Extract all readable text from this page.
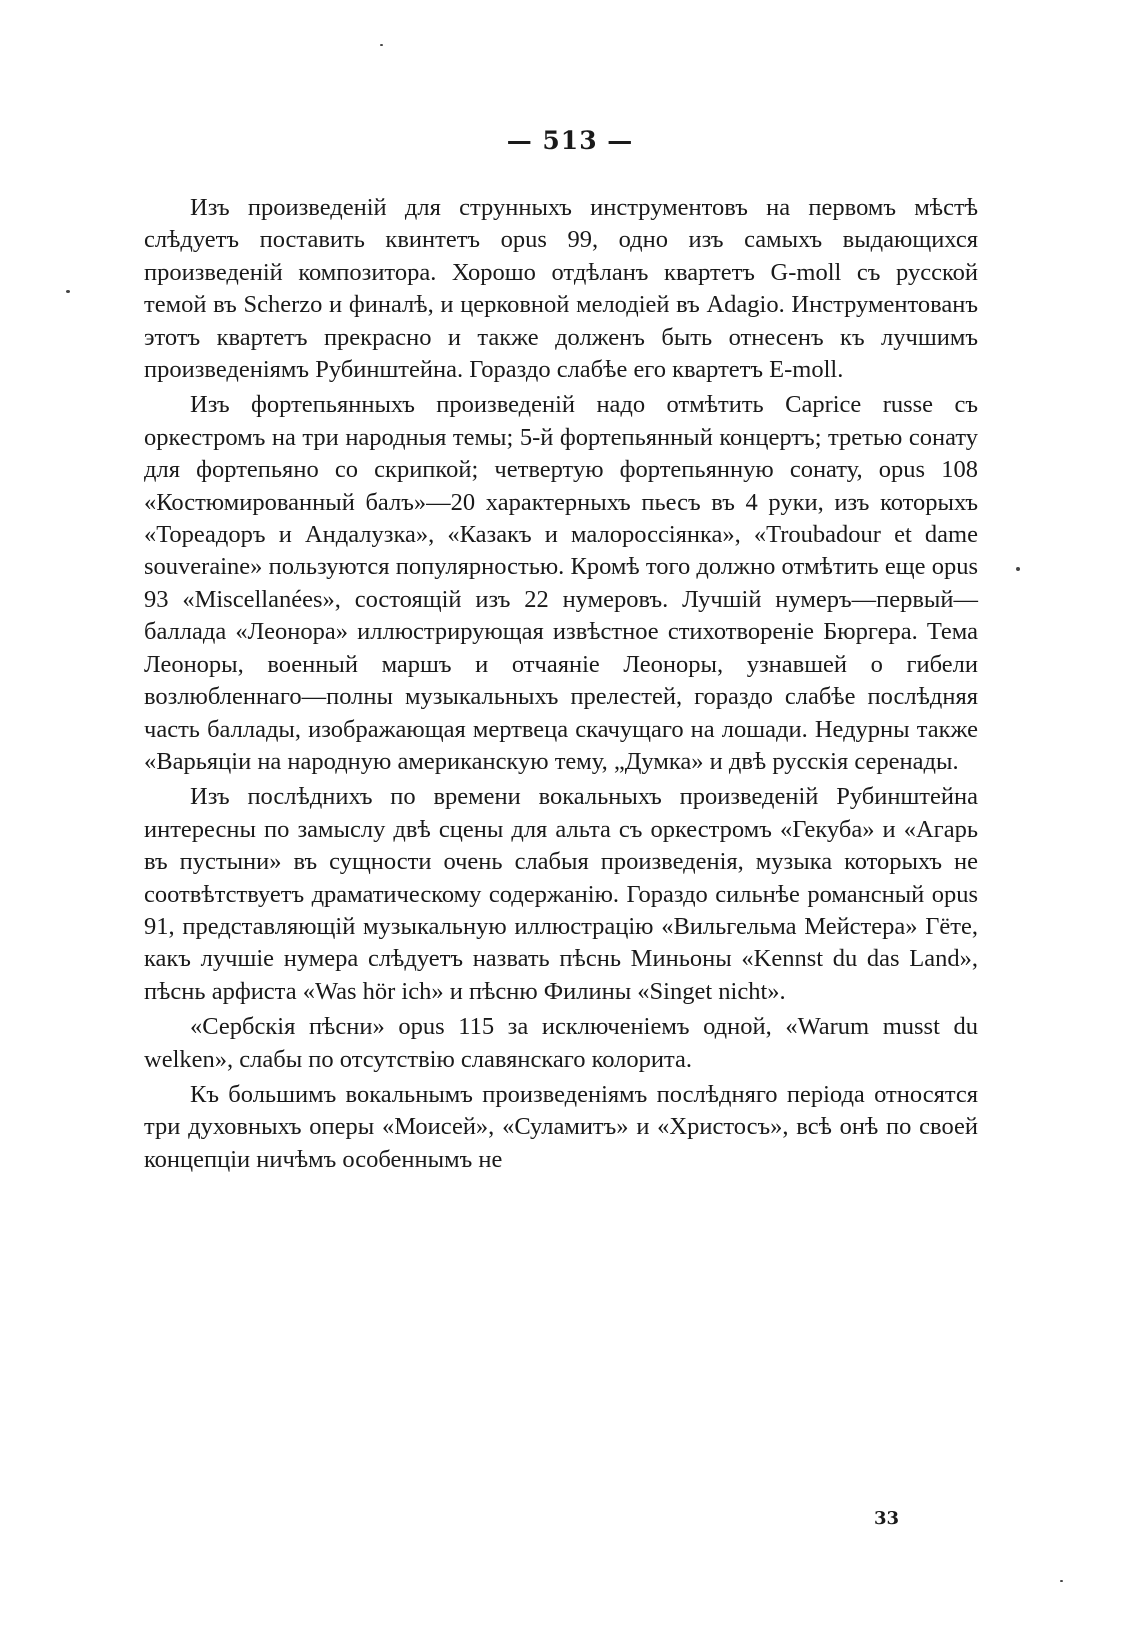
— 513 —

Изъ произведенiй для струнныхъ инструментовъ на первомъ мѣстѣ слѣдуетъ поставить квинтетъ opus 99, одно изъ самыхъ выдающихся произведенiй композитора. Хорошо отдѣланъ квартетъ G-moll съ русской темой въ Scherzo и финалѣ, и церковной мелодiей въ Adagio. Инструментованъ этотъ квартетъ прекрасно и также долженъ быть отнесенъ къ лучшимъ произведенiямъ Рубинштейна. Гораздо слабѣе его квартетъ E-moll.

Изъ фортепьянныхъ произведенiй надо отмѣтить Caprice russe съ оркестромъ на три народныя темы; 5-й фортепьянный концертъ; третью сонату для фортепьяно со скрипкой; четвертую фортепьянную сонату, opus 108 «Костюмированный балъ»—20 характерныхъ пьесъ въ 4 руки, изъ которыхъ «Тореадоръ и Андалузка», «Казакъ и малороссiянка», «Troubadour et dame souveraine» пользуются популярностью. Кромѣ того должно отмѣтить еще opus 93 «Miscellanées», состоящiй изъ 22 нумеровъ. Лучшiй нумеръ—первый—баллада «Леонора» иллюстрирующая извѣстное стихотворенiе Бюргера. Тема Леоноры, военный маршъ и отчаянiе Леоноры, узнавшей о гибели возлюбленнаго—полны музыкальныхъ прелестей, гораздо слабѣе послѣдняя часть баллады, изображающая мертвеца скачущаго на лошади. Недурны также «Варьяцiи на народную американскую тему, „Думка» и двѣ русскiя серенады.

Изъ послѣднихъ по времени вокальныхъ произведенiй Рубинштейна интересны по замыслу двѣ сцены для альта съ оркестромъ «Гекуба» и «Агарь въ пустыни» въ сущности очень слабыя произведенiя, музыка которыхъ не соотвѣтствуетъ драматическому содержанiю. Гораздо сильнѣе романсный opus 91, представляющiй музыкальную иллюстрацiю «Вильгельма Мейстера» Гёте, какъ лучшiе нумера слѣдуетъ назвать пѣснь Миньоны «Kennst du das Land», пѣснь арфиста «Was hör ich» и пѣсню Филины «Singet nicht».

«Сербскiя пѣсни» opus 115 за исключенiемъ одной, «Warum musst du welken», слабы по отсутствiю славянскаго колорита.

Къ большимъ вокальнымъ произведенiямъ послѣдняго перiода относятся три духовныхъ оперы «Моисей», «Суламитъ» и «Христосъ», всѣ онѣ по своей концепцiи ничѣмъ особеннымъ не

33
